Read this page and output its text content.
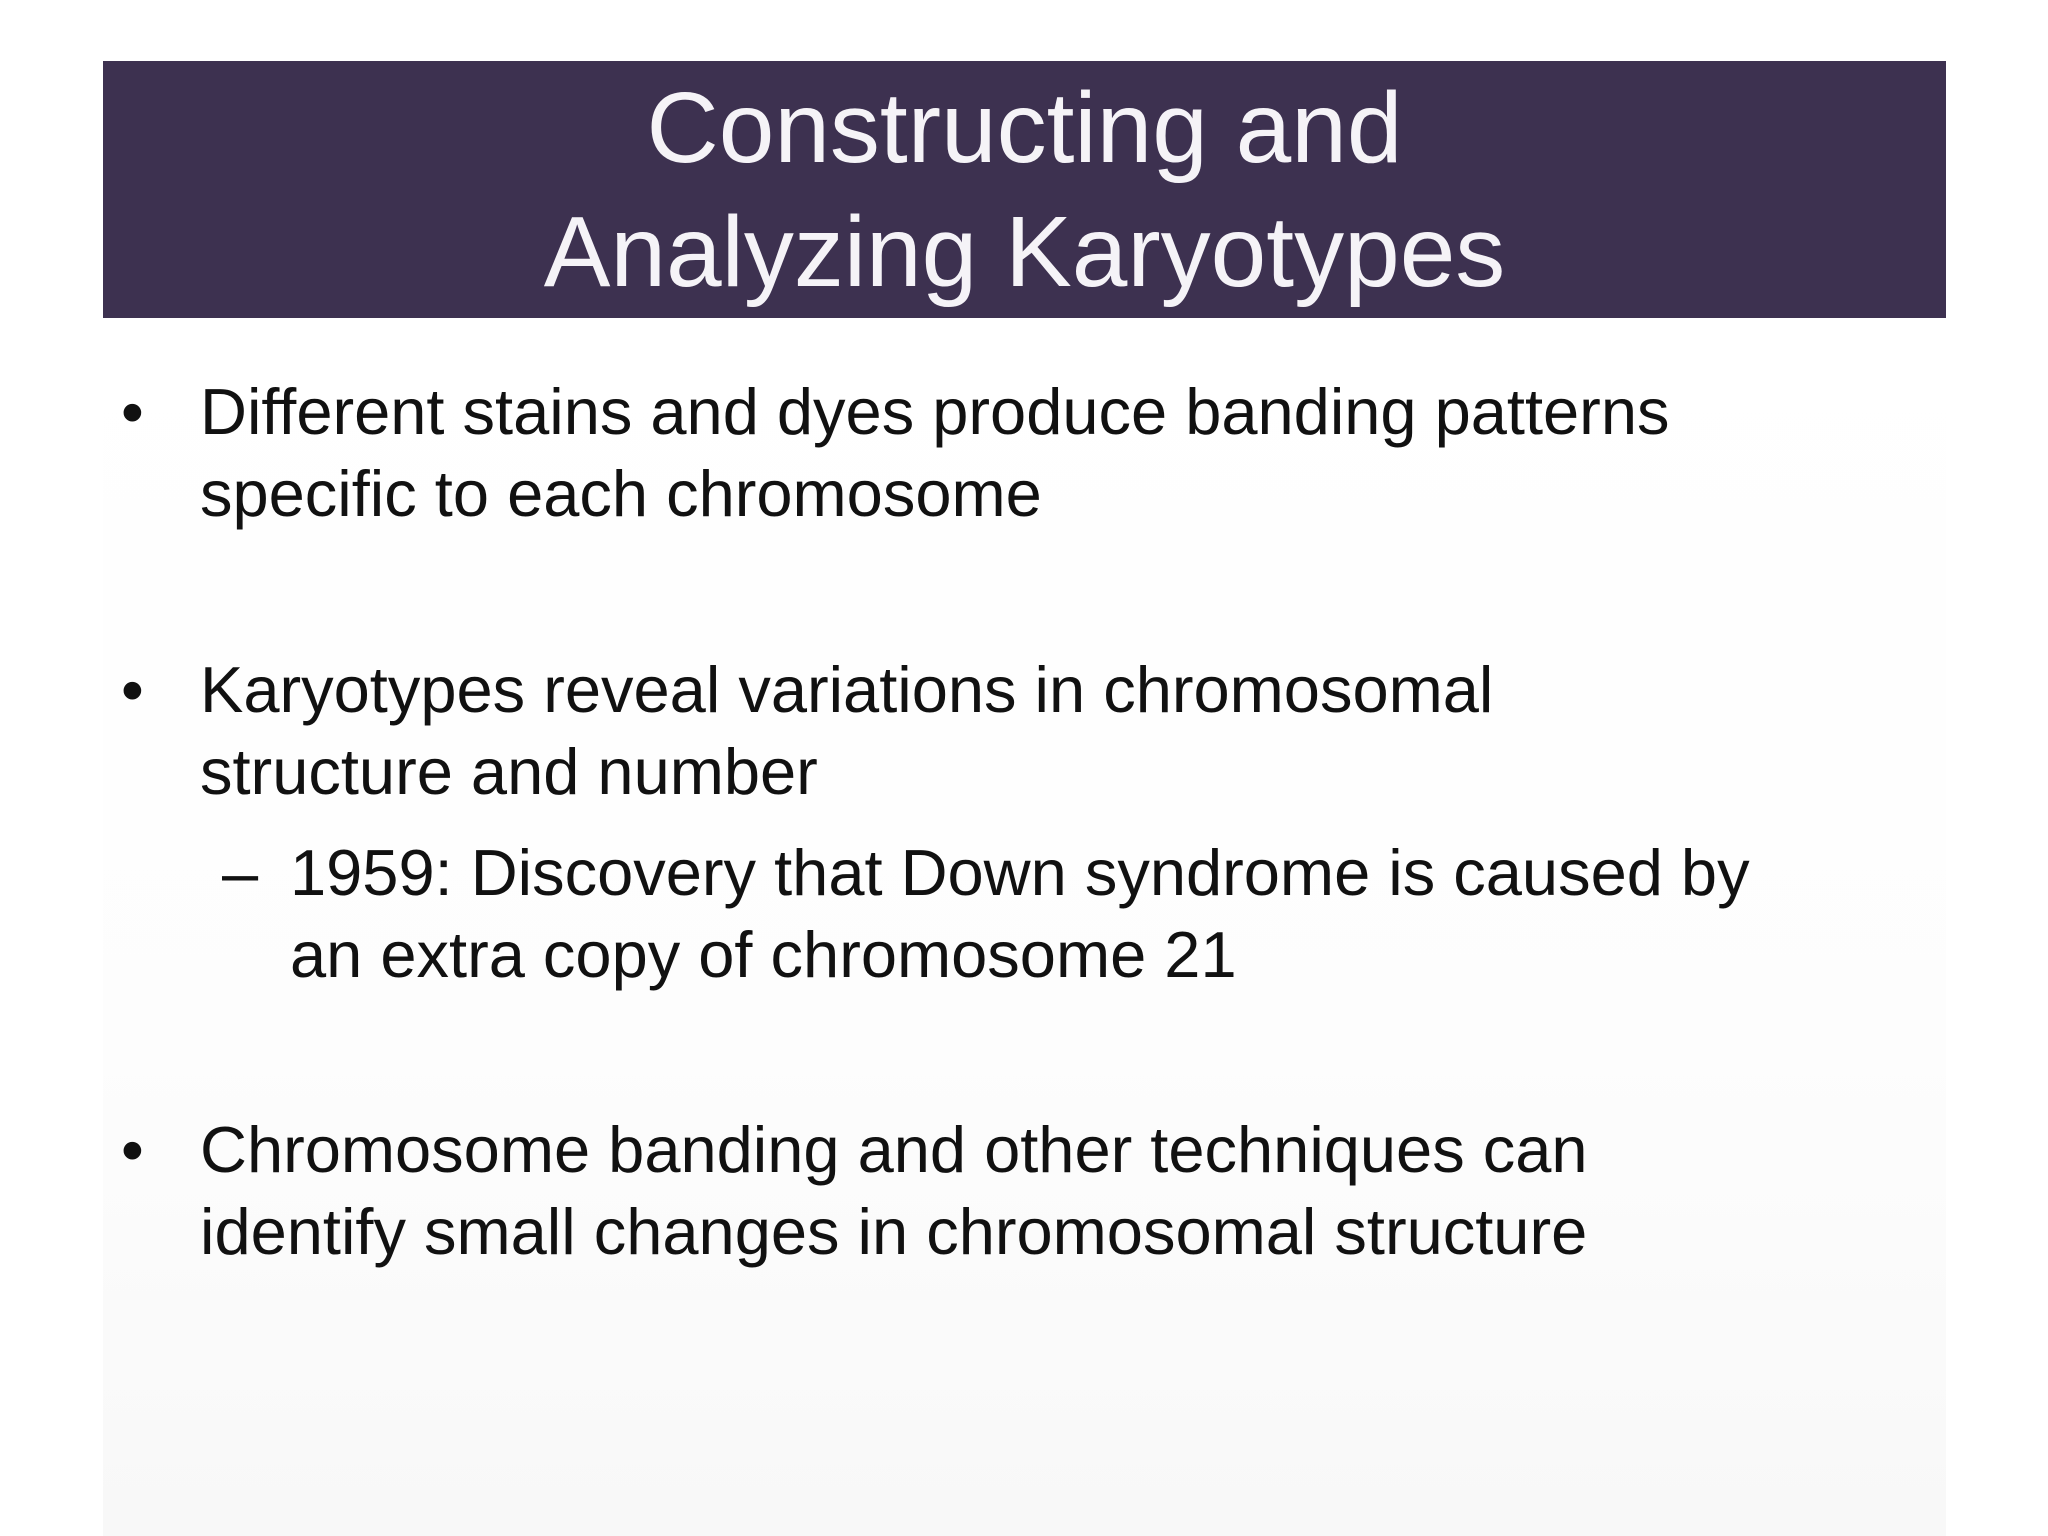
Constructing and
Analyzing Karyotypes
• Different stains and dyes produce banding patterns

specific to each chromosome

• Karyotypes reveal variations in chromosomal

structure and number

– 1959: Discovery that Down syndrome is caused by

an extra copy of chromosome 21

• Chromosome banding and other techniques can

identify small changes in chromosomal structure
